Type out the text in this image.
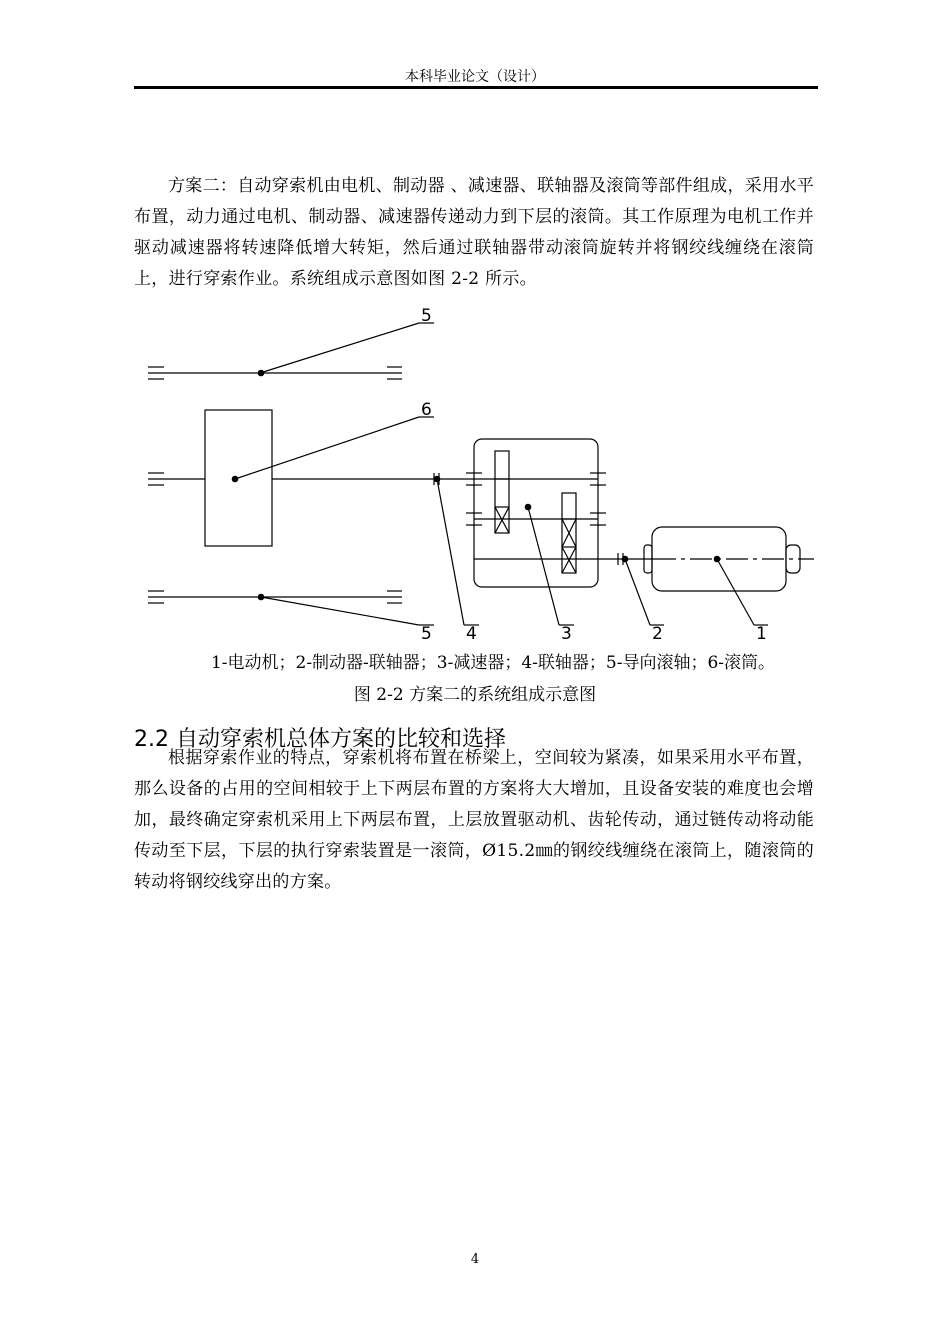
本科毕业论文（设计）

方案二：自动穿索机由电机、制动器 、减速器、联轴器及滚筒等部件组成，采用水平布置，动力通过电机、制动器、减速器传递动力到下层的滚筒。其工作原理为电机工作并驱动减速器将转速降低增大转矩，然后通过联轴器带动滚筒旋转并将钢绞线缠绕在滚筒上，进行穿索作业。系统组成示意图如图 2-2 所示。

5
6
5 4	3	2	1
1-电动机；2-制动器-联轴器；3-减速器；4-联轴器；5-导向滚轴；6-滚筒。
图 2-2 方案二的系统组成示意图
2.2 自动穿索机总体方案的比较和选择

根据穿索作业的特点，穿索机将布置在桥梁上，空间较为紧凑，如果采用水平布置，那么设备的占用的空间相较于上下两层布置的方案将大大增加，且设备安装的难度也会增加，最终确定穿索机采用上下两层布置，上层放置驱动机、齿轮传动，通过链传动将动能传动至下层，下层的执行穿索装置是一滚筒，Ø15.2㎜的钢绞线缠绕在滚筒上，随滚筒的转动将钢绞线穿出的方案。

4
